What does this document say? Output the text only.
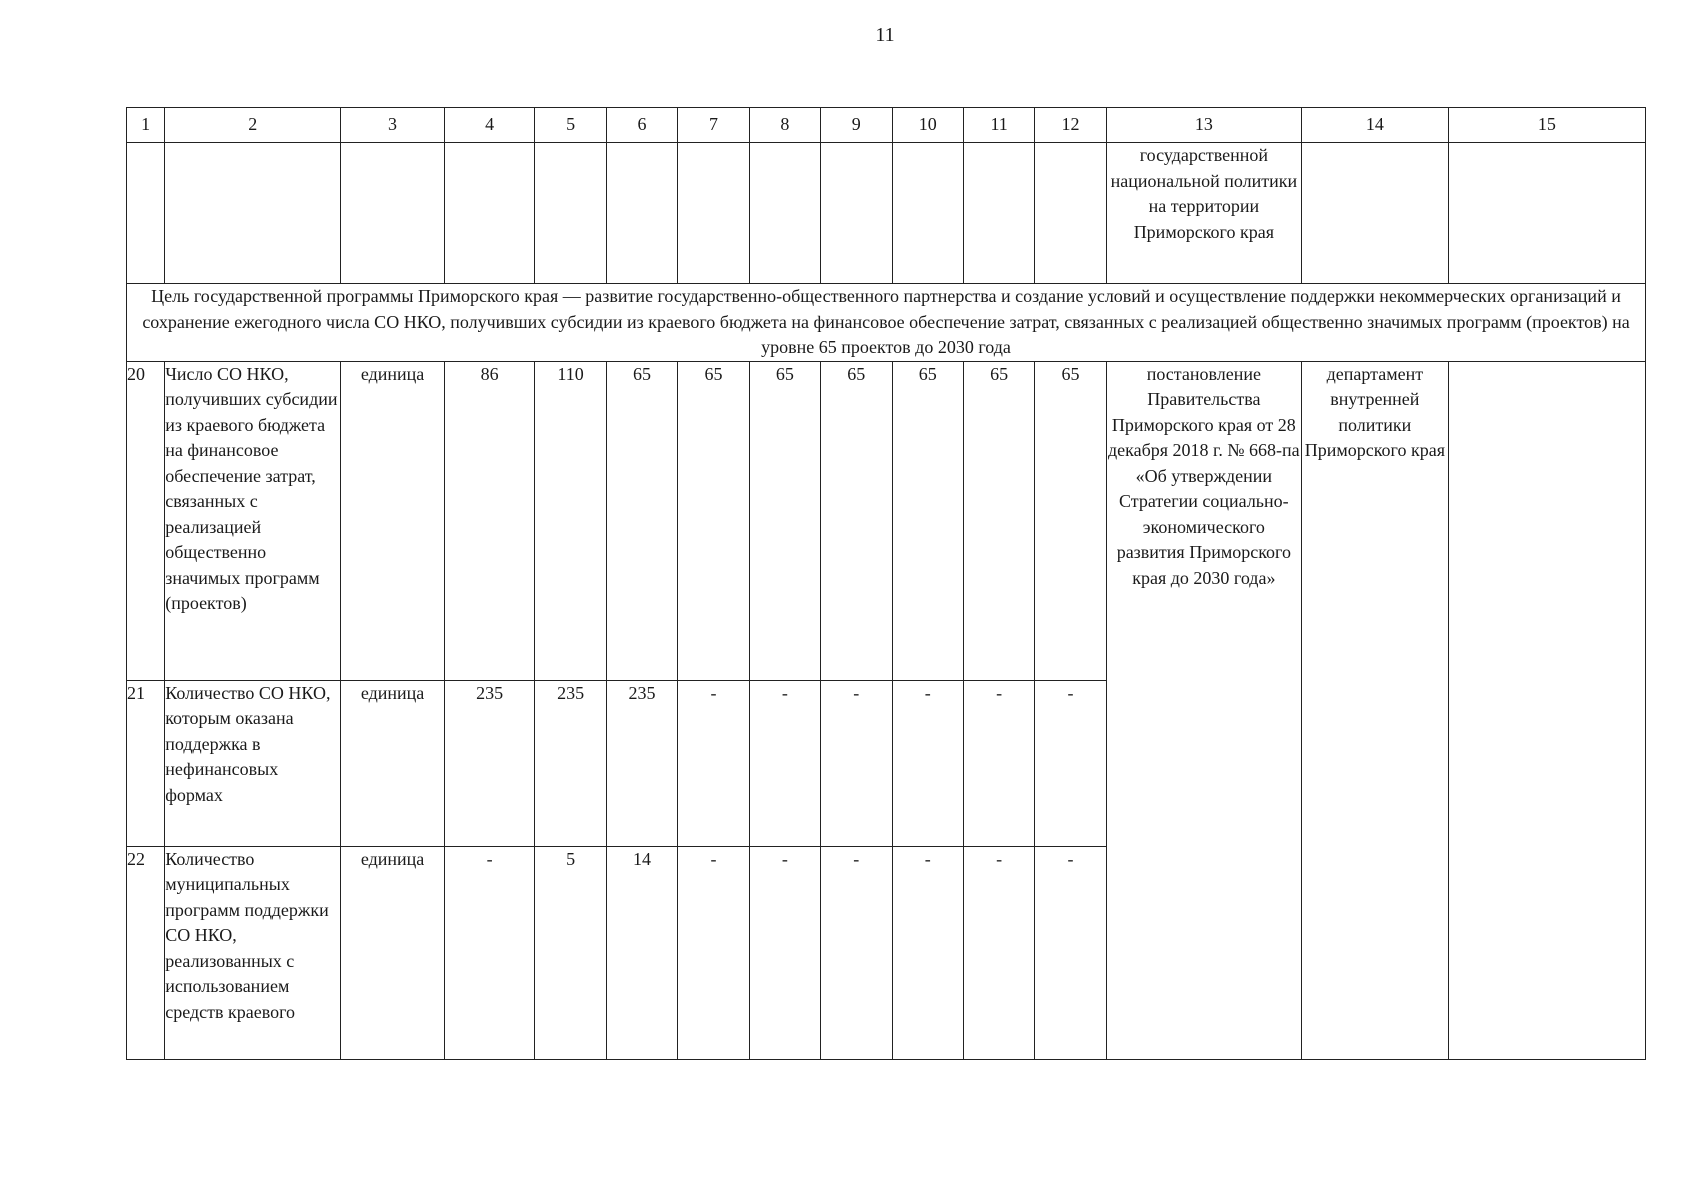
11
1	2	3	4	5	6	7	8	9	10	11	12	13	14	15
												государственной национальной политики на территории Приморского края		
Цель государственной программы Приморского края — развитие государственно-общественного партнерства и создание условий и осуществление поддержки некоммерческих организаций и сохранение ежегодного числа СО НКО, получивших субсидии из краевого бюджета на финансовое обеспечение затрат, связанных с реализацией общественно значимых программ (проектов) на уровне 65 проектов до 2030 года														
20	Число СО НКО, получивших субсидии из краевого бюджета на финансовое обеспечение затрат, связанных с реализацией общественно значимых программ (проектов)	единица	86	110	65	65	65	65	65	65	65	постановление Правительства Приморского края от 28 декабря 2018 г. № 668-па «Об утверждении Стратегии социально-экономического развития Приморского края до 2030 года»	департамент внутренней политики Приморского края	
21	Количество СО НКО, которым оказана поддержка в нефинансовых формах	единица	235	235	235	-	-	-	-	-	-			
22	Количество муниципальных программ поддержки СО НКО, реализованных с использованием средств краевого	единица	-	5	14	-	-	-	-	-	-			
